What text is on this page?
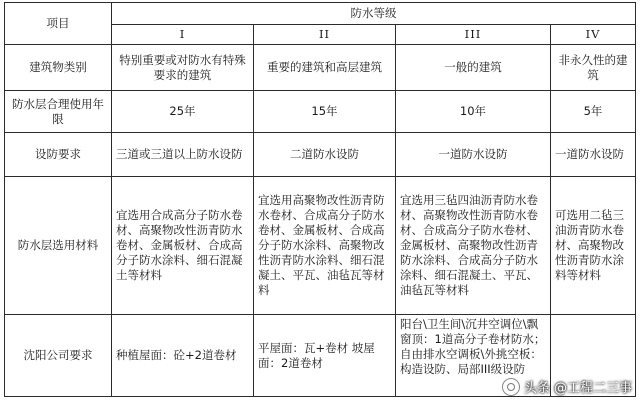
项目	防水等级			
	I	II	III	IV
建筑物类别	特别重要或对防水有特殊要求的建筑	重要的建筑和高层建筑	一般的建筑	非永久性的建筑
防水层合理使用年限	25年	15年	10年	5年
设防要求	三道或三道以上防水设防	二道防水设防	一道防水设防	一道防水设防
防水层选用材料	宜选用合成高分子防水卷材、高聚物改性沥青防水卷材、金属板材、合成高分子防水涂料、细石混凝土等材料	宜选用高聚物改性沥青防水卷材、合成高分子防水卷材、金属板材、合成高分子防水涂料、高聚物改性沥青防水涂料、细石混凝土、平瓦、油毡瓦等材料	宜选用三毡四油沥青防水卷材、高聚物改性沥青防水卷材、合成高分子防水卷材、金属板材、高聚物改性沥青防水涂料、合成高分子防水涂料、细石混凝土、平瓦、油毡瓦等材料	可选用二毡三油沥青防水卷材、高聚物改性沥青防水涂料等材料
沈阳公司要求	种植屋面：砼+2道卷材	平屋面：瓦+卷材 坡屋面：2道卷材	阳台\卫生间\沉井空调位\飘窗顶：1道高分子卷材防水；自由排水空调板\外挑空板：构造设防、局部III级设防	
头条 @工程二三事
